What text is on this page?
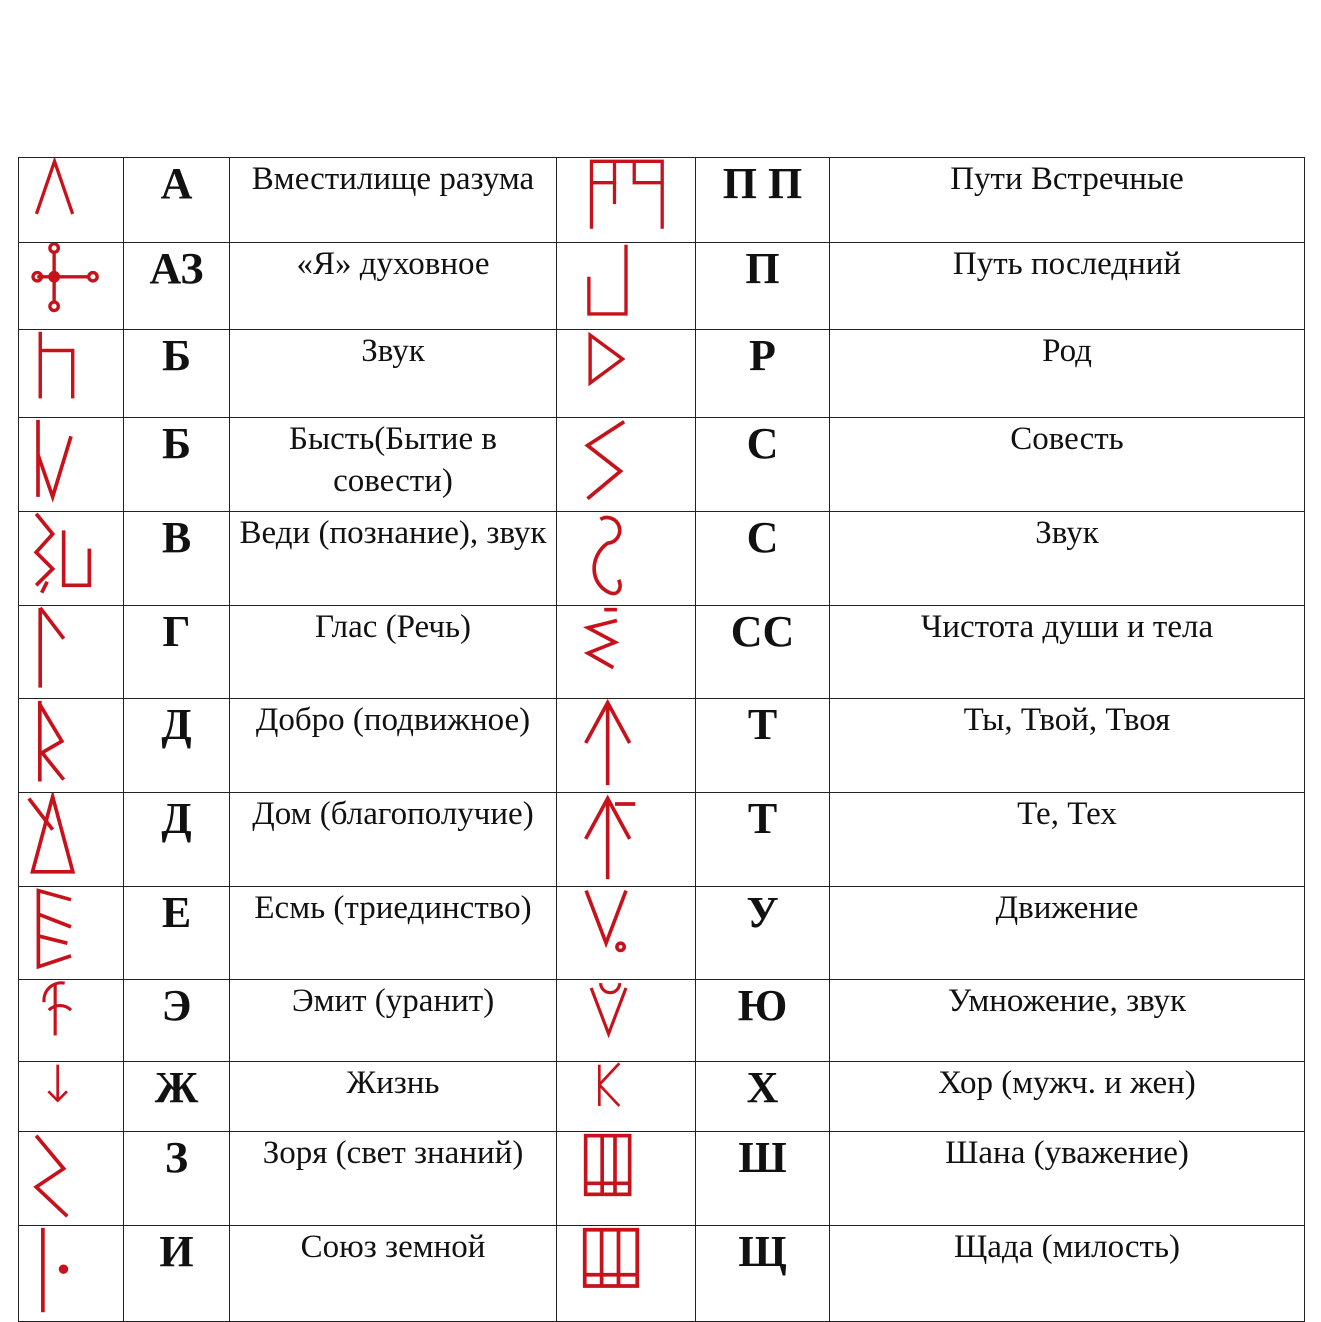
	А	Вместилище разума		П П	Пути Встречные

	АЗ	«Я» духовное		П	Путь последний

	Б	Звук		Р	Род

	Б	Бысть(Бытие в совести)		С	Совесть

	В	Веди (познание), звук		С	Звук

	Г	Глас (Речь)		СС	Чистота души и тела

	Д	Добро (подвижное)		Т	Ты, Твой, Твоя

	Д	Дом (благополучие)		Т	Те, Тех

	Е	Есмь (триединство)		У	Движение

	Э	Эмит (уранит)		Ю	Умножение, звук

	Ж	Жизнь		Х	Хор (мужч. и жен)

	З	Зоря (свет знаний)		Ш	Шана (уважение)

	И	Союз земной		Щ	Щада (милость)
